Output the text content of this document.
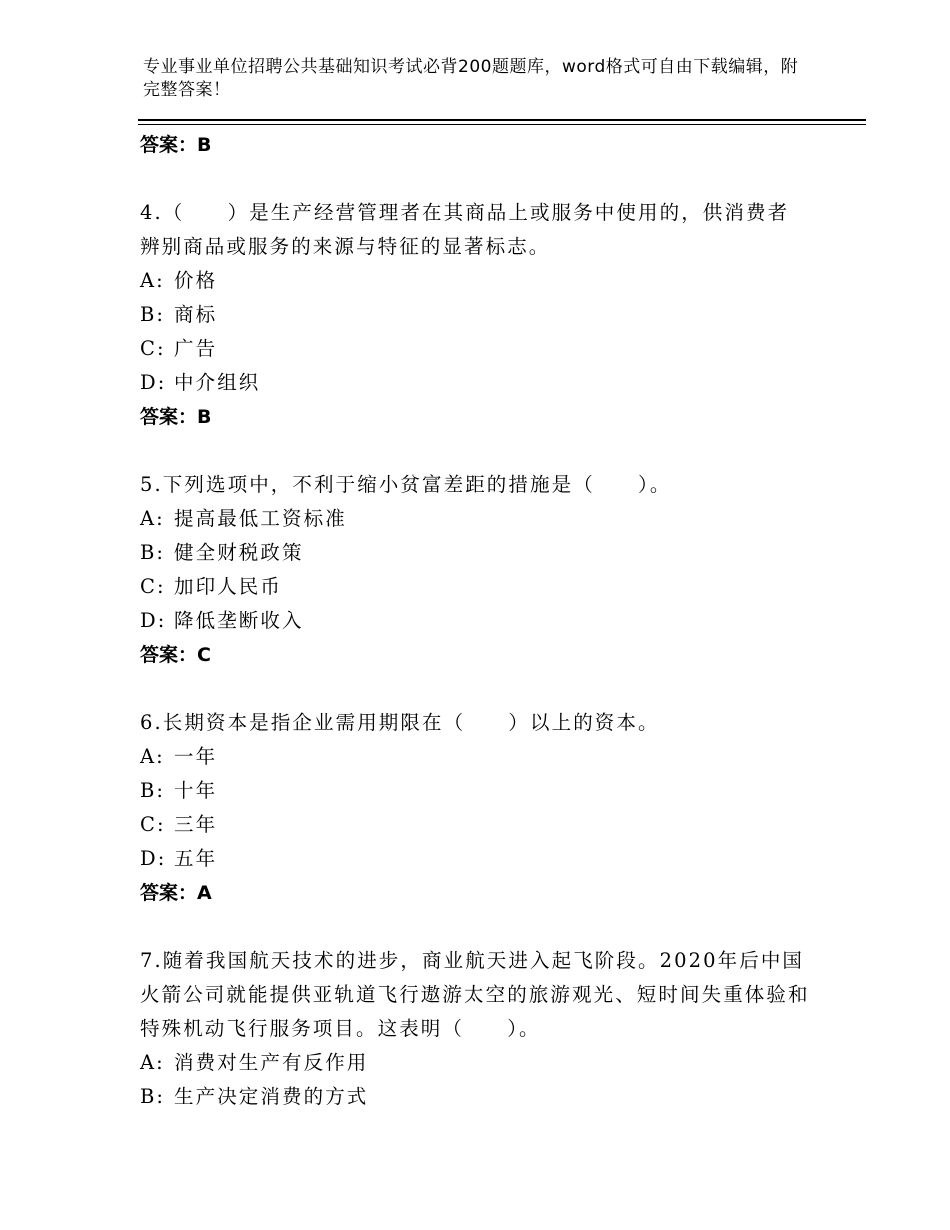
专业事业单位招聘公共基础知识考试必背200题题库，word格式可自由下载编辑，附完整答案！
答案：B
4.（　　）是生产经营管理者在其商品上或服务中使用的，供消费者辨别商品或服务的来源与特征的显著标志。
A: 价格
B: 商标
C: 广告
D: 中介组织
答案：B
5.下列选项中，不利于缩小贫富差距的措施是（　　）。
A: 提高最低工资标准
B: 健全财税政策
C: 加印人民币
D: 降低垄断收入
答案：C
6.长期资本是指企业需用期限在（　　）以上的资本。
A: 一年
B: 十年
C: 三年
D: 五年
答案：A
7.随着我国航天技术的进步，商业航天进入起飞阶段。2020年后中国火箭公司就能提供亚轨道飞行遨游太空的旅游观光、短时间失重体验和特殊机动飞行服务项目。这表明（　　）。
A: 消费对生产有反作用
B: 生产决定消费的方式
